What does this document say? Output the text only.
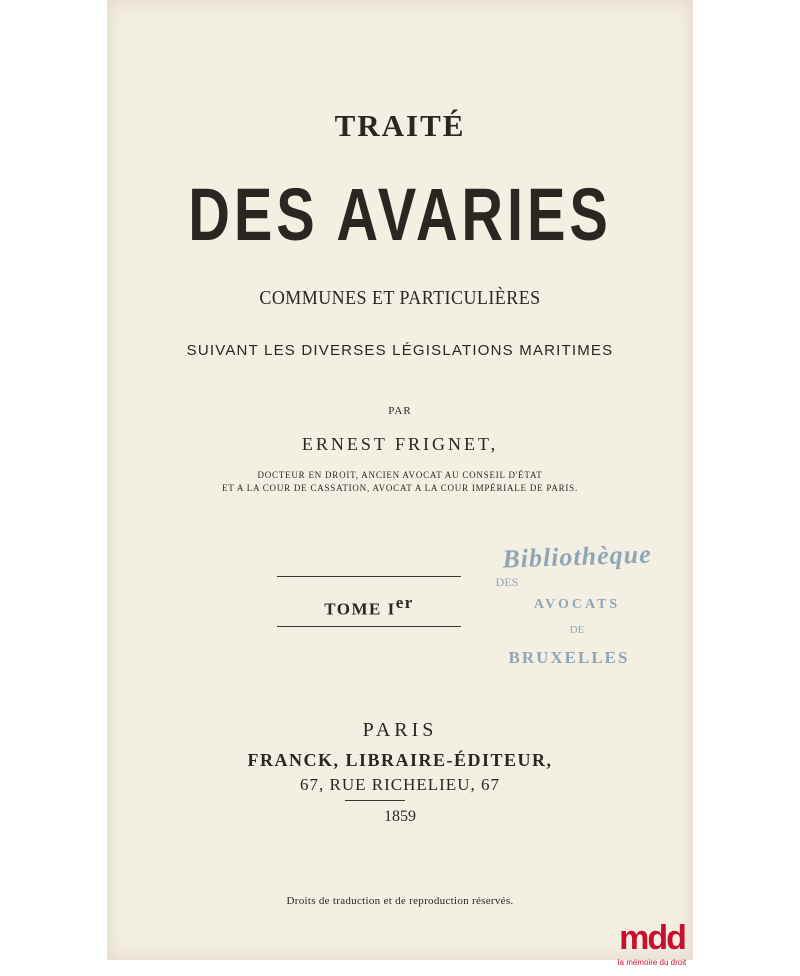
TRAITÉ
DES AVARIES
COMMUNES ET PARTICULIÈRES
SUIVANT LES DIVERSES LÉGISLATIONS MARITIMES
PAR
ERNEST FRIGNET,
DOCTEUR EN DROIT, ANCIEN AVOCAT AU CONSEIL D'ÉTAT
ET A LA COUR DE CASSATION, AVOCAT A LA COUR IMPÉRIALE DE PARIS.
TOME Ier
PARIS
FRANCK, LIBRAIRE-ÉDITEUR,
67, RUE RICHELIEU, 67
1859
Droits de traduction et de reproduction réservés.
Bibliothèque
DES
AVOCATS
DE
BRUXELLES
mdd
la mémoire du droit
